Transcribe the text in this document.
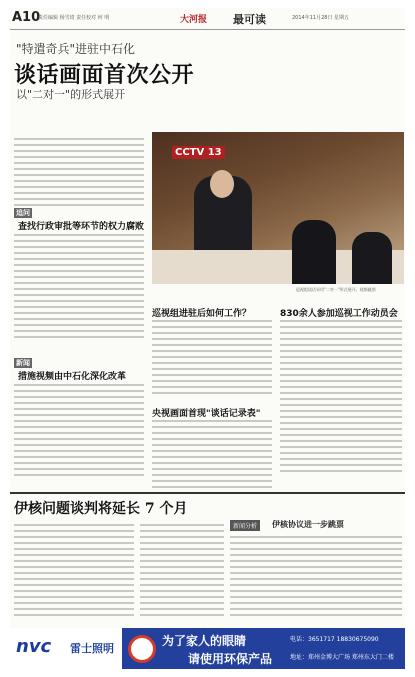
A10
责任编辑 杨雪琦 责任校对 何 明	大河报 最可读	2014年11月28日 星期五
"特遣奇兵"进驻中石化
谈话画面首次公开
以"二对一"的形式展开
CCTV 13
巡视组谈话采用"二对一"形式展开。视频截图
追问
查找行政审批等环节的权力腐败
新闻
措施视频由中石化深化改革
巡视组进驻后如何工作？	830余人参加巡视工作动员会
央视画面首现"谈话记录表"
伊核问题谈判将延长 7 个月
新闻分析	伊核协议进一步跳票
nvc 雷士照明
为了家人的眼睛
请使用环保产品
电话：3651717 18830675090
地址：郑州金博大广场 郑州东大门二楼
